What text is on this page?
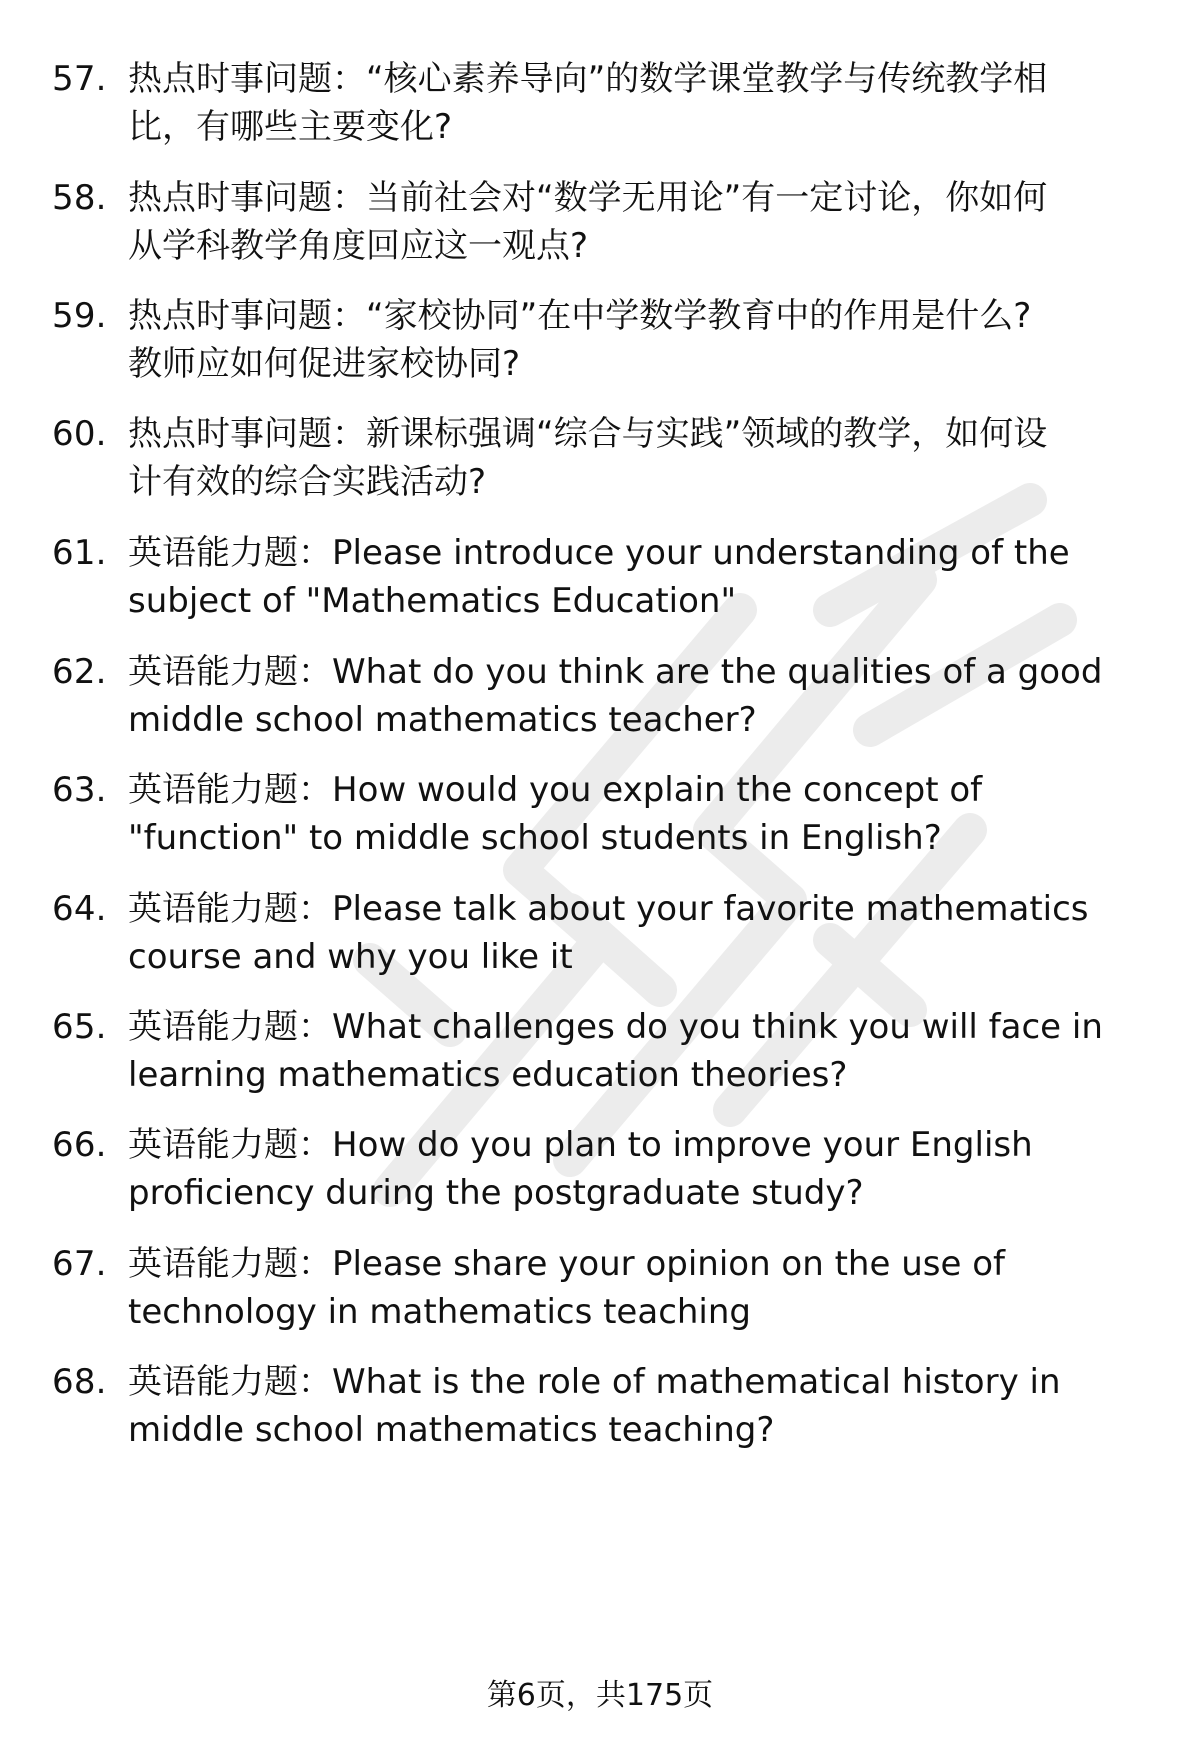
57. 热点时事问题：“核心素养导向”的数学课堂教学与传统教学相
比，有哪些主要变化?
58. 热点时事问题：当前社会对“数学无用论”有一定讨论，你如何
从学科教学角度回应这一观点?
59. 热点时事问题：“家校协同”在中学数学教育中的作用是什么?
教师应如何促进家校协同?
60. 热点时事问题：新课标强调“综合与实践”领域的教学，如何设
计有效的综合实践活动?
61. 英语能力题：Please introduce your understanding of the
subject of "Mathematics Education"
62. 英语能力题：What do you think are the qualities of a good
middle school mathematics teacher?
63. 英语能力题：How would you explain the concept of
"function" to middle school students in English?
64. 英语能力题：Please talk about your favorite mathematics
course and why you like it
65. 英语能力题：What challenges do you think you will face in
learning mathematics education theories?
66. 英语能力题：How do you plan to improve your English
proficiency during the postgraduate study?
67. 英语能力题：Please share your opinion on the use of
technology in mathematics teaching
68. 英语能力题：What is the role of mathematical history in
middle school mathematics teaching?
第6页，共175页
